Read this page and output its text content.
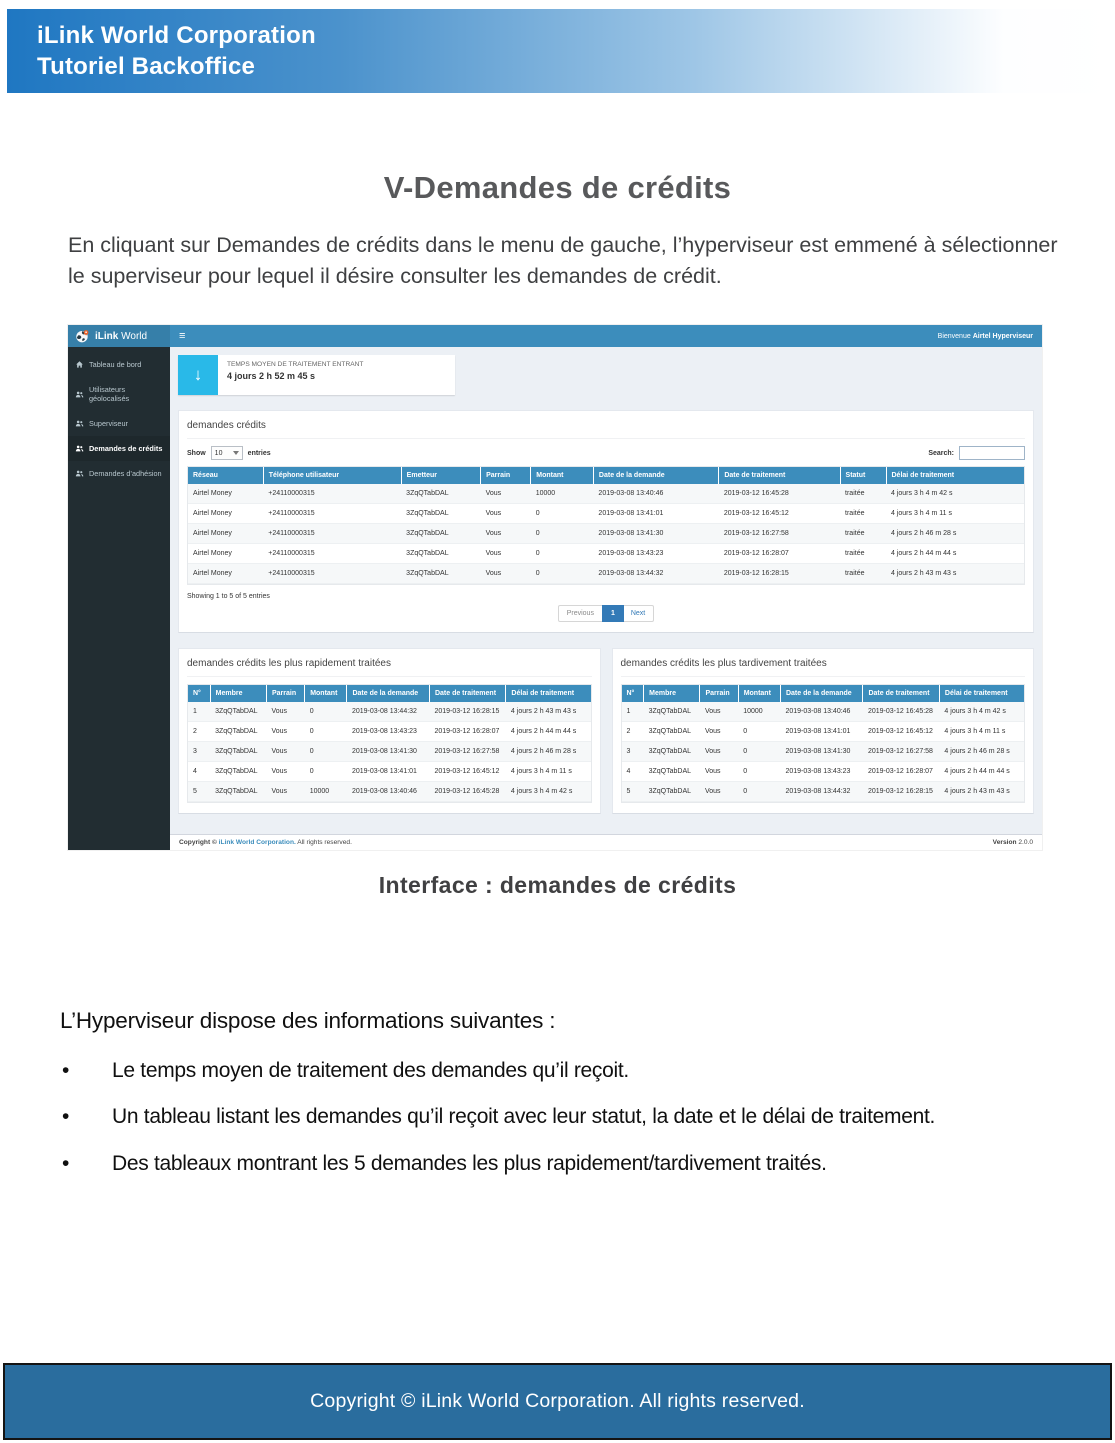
iLink World Corporation
Tutoriel Backoffice
V-Demandes de crédits

En cliquant sur Demandes de crédits dans le menu de gauche, l’hyperviseur est emmené à sélectionner le superviseur pour lequel il désire consulter les demandes de crédit.

iLink World	≡	Bienvenue Airtel Hyperviseur
Tableau de bord
Utilisateurs géolocalisés
Superviseur
Demandes de crédits
Demandes d’adhésion
↓
TEMPS MOYEN DE TRAITEMENT ENTRANT
4 jours 2 h 52 m 45 s
demandes crédits
Show 10	entries	Search:
Réseau	Téléphone utilisateur	Emetteur	Parrain	Montant	Date de la demande	Date de traitement	Statut	Délai de traitement
Airtel Money	+24110000315	3ZqQTabDAL	Vous	10000	2019-03-08 13:40:46	2019-03-12 16:45:28	traitée	4 jours 3 h 4 m 42 s
Airtel Money	+24110000315	3ZqQTabDAL	Vous	0	2019-03-08 13:41:01	2019-03-12 16:45:12	traitée	4 jours 3 h 4 m 11 s
Airtel Money	+24110000315	3ZqQTabDAL	Vous	0	2019-03-08 13:41:30	2019-03-12 16:27:58	traitée	4 jours 2 h 46 m 28 s
Airtel Money	+24110000315	3ZqQTabDAL	Vous	0	2019-03-08 13:43:23	2019-03-12 16:28:07	traitée	4 jours 2 h 44 m 44 s
Airtel Money	+24110000315	3ZqQTabDAL	Vous	0	2019-03-08 13:44:32	2019-03-12 16:28:15	traitée	4 jours 2 h 43 m 43 s
Showing 1 to 5 of 5 entries
Previous	1	Next
demandes crédits les plus rapidement traitées
N°	Membre	Parrain	Montant	Date de la demande	Date de traitement	Délai de traitement
1	3ZqQTabDAL	Vous	0	2019-03-08 13:44:32	2019-03-12 16:28:15	4 jours 2 h 43 m 43 s
2	3ZqQTabDAL	Vous	0	2019-03-08 13:43:23	2019-03-12 16:28:07	4 jours 2 h 44 m 44 s
3	3ZqQTabDAL	Vous	0	2019-03-08 13:41:30	2019-03-12 16:27:58	4 jours 2 h 46 m 28 s
4	3ZqQTabDAL	Vous	0	2019-03-08 13:41:01	2019-03-12 16:45:12	4 jours 3 h 4 m 11 s
5	3ZqQTabDAL	Vous	10000	2019-03-08 13:40:46	2019-03-12 16:45:28	4 jours 3 h 4 m 42 s
demandes crédits les plus tardivement traitées
N°	Membre	Parrain	Montant	Date de la demande	Date de traitement	Délai de traitement
1	3ZqQTabDAL	Vous	10000	2019-03-08 13:40:46	2019-03-12 16:45:28	4 jours 3 h 4 m 42 s
2	3ZqQTabDAL	Vous	0	2019-03-08 13:41:01	2019-03-12 16:45:12	4 jours 3 h 4 m 11 s
3	3ZqQTabDAL	Vous	0	2019-03-08 13:41:30	2019-03-12 16:27:58	4 jours 2 h 46 m 28 s
4	3ZqQTabDAL	Vous	0	2019-03-08 13:43:23	2019-03-12 16:28:07	4 jours 2 h 44 m 44 s
5	3ZqQTabDAL	Vous	0	2019-03-08 13:44:32	2019-03-12 16:28:15	4 jours 2 h 43 m 43 s
Copyright © iLink World Corporation. All rights reserved.	Version 2.0.0
Interface : demandes de crédits
L’Hyperviseur dispose des informations suivantes :
• Le temps moyen de traitement des demandes qu’il reçoit.
• Un tableau listant les demandes qu’il reçoit avec leur statut, la date et le délai de traitement.
• Des tableaux montrant les 5 demandes les plus rapidement/tardivement traités.
Copyright © iLink World Corporation. All rights reserved.
